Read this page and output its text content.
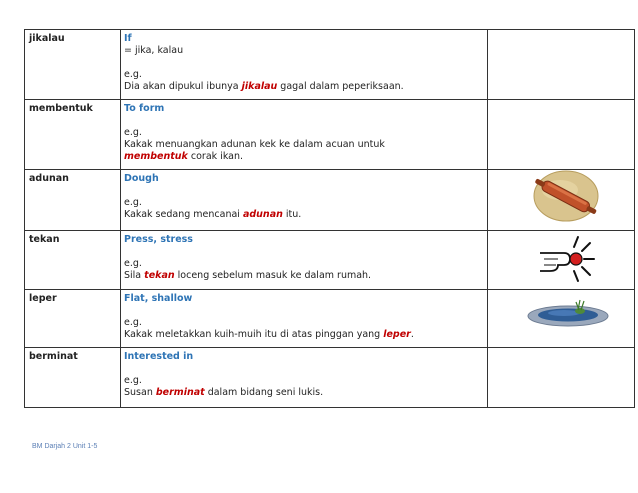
jikalau	If
= jika, kalau
e.g.
Dia akan dipukul ibunya jikalau gagal dalam peperiksaan.	

membentuk	To form
e.g.
Kakak menuangkan adunan kek ke dalam acuan untuk
membentuk corak ikan.	

adunan	Dough
e.g.
Kakak sedang mencanai adunan itu.

tekan	Press, stress
e.g.
Sila tekan loceng sebelum masuk ke dalam rumah.

leper	Flat, shallow
e.g.
Kakak meletakkan kuih-muih itu di atas pinggan yang leper.

berminat	Interested in
e.g.
Susan berminat dalam bidang seni lukis.	

BM Darjah 2 Unit 1-5
